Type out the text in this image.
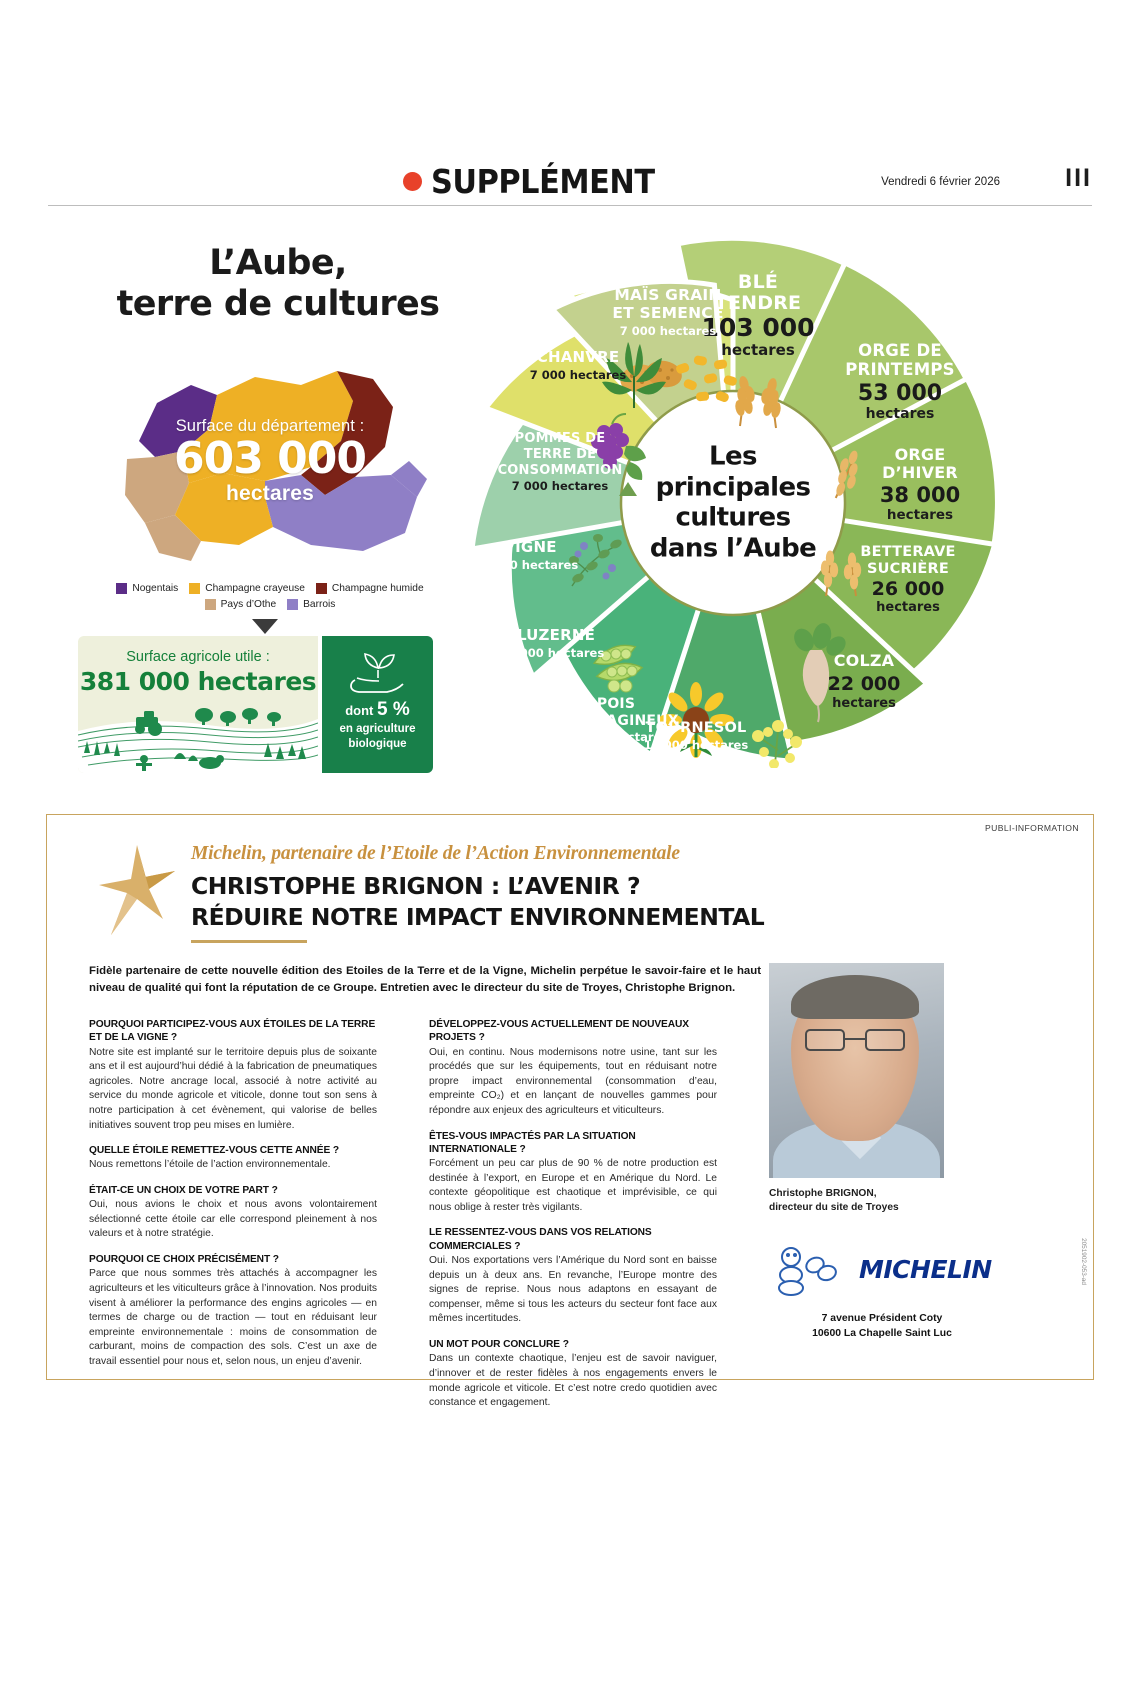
SUPPLÉMENT	Vendredi 6 février 2026	III
L’Aube,
terre de cultures
Surface du département :
603 000
hectares
Nogentais	Champagne crayeuse	Champagne humide
Pays d’Othe	Barrois
Surface agricole utile :
381 000 hectares
dont 5 %
en agriculture
biologique
BLÉ
TENDRE
103 000
hectares	ORGE DE
PRINTEMPS
53 000
hectares
ORGE
D’HIVER
38 000
hectares
BETTERAVE
SUCRIÈRE
26 000
hectares
COLZA
22 000
hectares
TOURNESOL
16 000 hectares
POIS
PROTÉAGINEUX
12 000 hectares
LUZERNE
8 000 hectares
VIGNE
7 250 hectares
POMMES DE
TERRE DE
CONSOMMATION
7 000 hectares
CHANVRE
7 000 hectares
MAÏS GRAIN
ET SEMENCE
7 000 hectares
Les
principales
cultures
dans l’Aube
PUBLI-INFORMATION
Michelin, partenaire de l’Etoile de l’Action Environnementale
CHRISTOPHE BRIGNON : L’AVENIR ?
RÉDUIRE NOTRE IMPACT ENVIRONNEMENTAL
Fidèle partenaire de cette nouvelle édition des Etoiles de la Terre et de la Vigne, Michelin perpétue le savoir-faire et le haut niveau de qualité qui font la réputation de ce Groupe. Entretien avec le directeur du site de Troyes, Christophe Brignon.
POURQUOI PARTICIPEZ-VOUS AUX ÉTOILES DE LA TERRE ET DE LA VIGNE ?

Notre site est implanté sur le territoire depuis plus de soixante ans et il est aujourd’hui dédié à la fabrication de pneumatiques agricoles. Notre ancrage local, associé à notre activité au service du monde agricole et viticole, donne tout son sens à notre participation à cet évènement, qui valorise de belles initiatives souvent trop peu mises en lumière.

QUELLE ÉTOILE REMETTEZ-VOUS CETTE ANNÉE ?

Nous remettons l’étoile de l’action environnementale.

ÉTAIT-CE UN CHOIX DE VOTRE PART ?

Oui, nous avions le choix et nous avons volontairement sélectionné cette étoile car elle correspond pleinement à nos valeurs et à notre stratégie.

POURQUOI CE CHOIX PRÉCISÉMENT ?

Parce que nous sommes très attachés à accompagner les agriculteurs et les viticulteurs grâce à l’innovation. Nos produits visent à améliorer la performance des engins agricoles — en termes de charge ou de traction — tout en réduisant leur empreinte environnementale : moins de consommation de carburant, moins de compaction des sols. C’est un axe de travail essentiel pour nous et, selon nous, un enjeu d’avenir.

DÉVELOPPEZ-VOUS ACTUELLEMENT DE NOUVEAUX PROJETS ?

Oui, en continu. Nous modernisons notre usine, tant sur les procédés que sur les équipements, tout en réduisant notre propre impact environnemental (consommation d’eau, empreinte CO₂) et en lançant de nouvelles gammes pour répondre aux enjeux des agriculteurs et viticulteurs.

ÊTES-VOUS IMPACTÉS PAR LA SITUATION INTERNATIONALE ?

Forcément un peu car plus de 90 % de notre production est destinée à l’export, en Europe et en Amérique du Nord. Le contexte géopolitique est chaotique et imprévisible, ce qui nous oblige à rester très vigilants.

LE RESSENTEZ-VOUS DANS VOS RELATIONS COMMERCIALES ?

Oui. Nos exportations vers l’Amérique du Nord sont en baisse depuis un à deux ans. En revanche, l’Europe montre des signes de reprise. Nous nous adaptons en essayant de compenser, même si tous les acteurs du secteur font face aux mêmes incertitudes.

UN MOT POUR CONCLURE ?

Dans un contexte chaotique, l’enjeu est de savoir naviguer, d’innover et de rester fidèles à nos engagements envers le monde agricole et viticole. Et c’est notre credo quotidien avec constance et engagement.

Christophe BRIGNON,
directeur du site de Troyes
MICHELIN
7 avenue Président Coty
10600 La Chapelle Saint Luc
2051902-053-ad
